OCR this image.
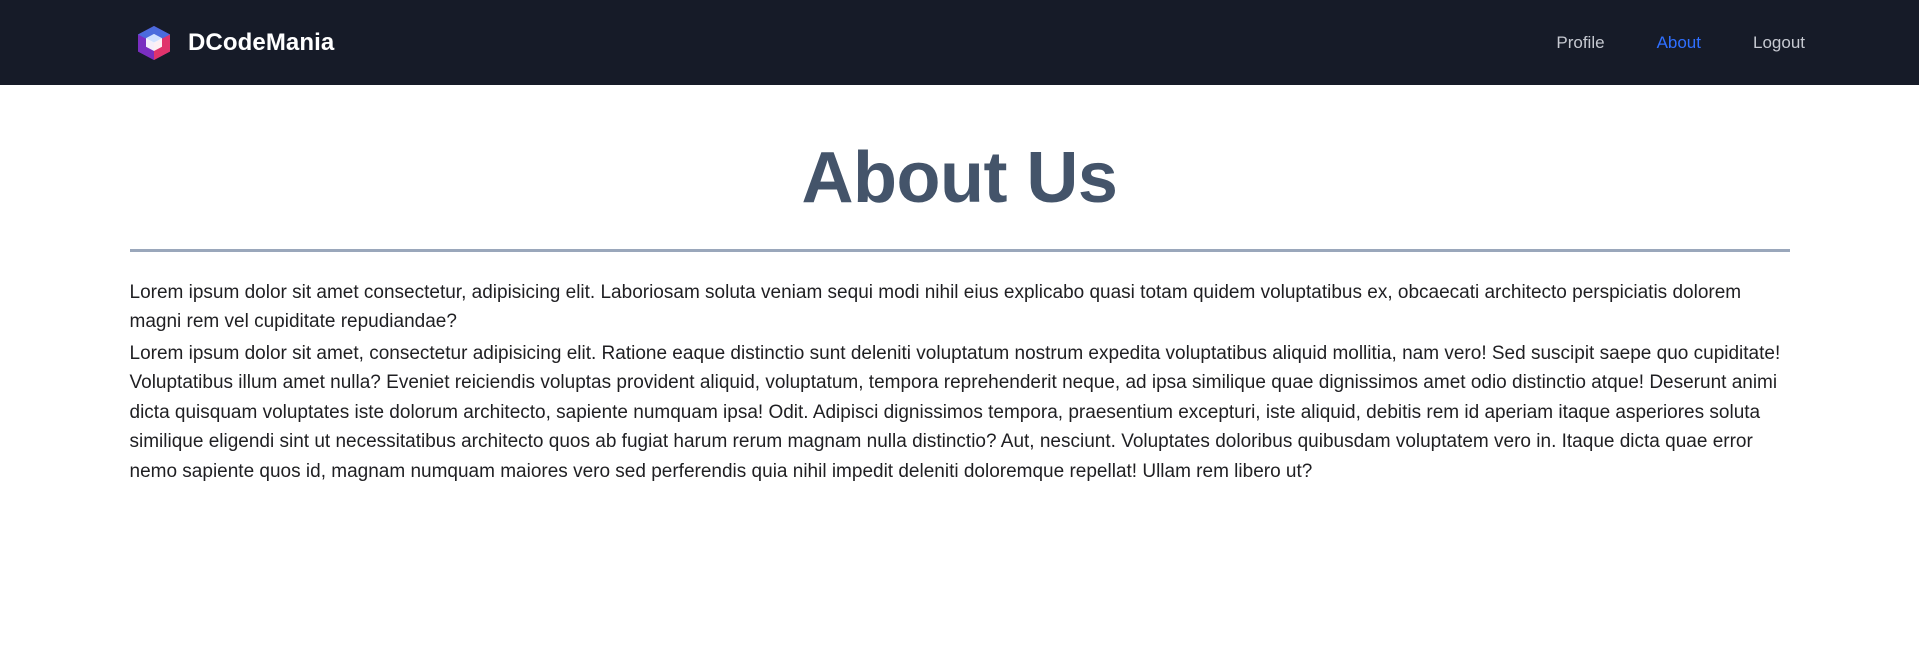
DCodeMania	Profile	About	Logout
About Us

Lorem ipsum dolor sit amet consectetur, adipisicing elit. Laboriosam soluta veniam sequi modi nihil eius explicabo quasi totam quidem voluptatibus ex, obcaecati architecto perspiciatis dolorem magni rem vel cupiditate repudiandae?

Lorem ipsum dolor sit amet, consectetur adipisicing elit. Ratione eaque distinctio sunt deleniti voluptatum nostrum expedita voluptatibus aliquid mollitia, nam vero! Sed suscipit saepe quo cupiditate! Voluptatibus illum amet nulla? Eveniet reiciendis voluptas provident aliquid, voluptatum, tempora reprehenderit neque, ad ipsa similique quae dignissimos amet odio distinctio atque! Deserunt animi dicta quisquam voluptates iste dolorum architecto, sapiente numquam ipsa! Odit. Adipisci dignissimos tempora, praesentium excepturi, iste aliquid, debitis rem id aperiam itaque asperiores soluta similique eligendi sint ut necessitatibus architecto quos ab fugiat harum rerum magnam nulla distinctio? Aut, nesciunt. Voluptates doloribus quibusdam voluptatem vero in. Itaque dicta quae error nemo sapiente quos id, magnam numquam maiores vero sed perferendis quia nihil impedit deleniti doloremque repellat! Ullam rem libero ut?
